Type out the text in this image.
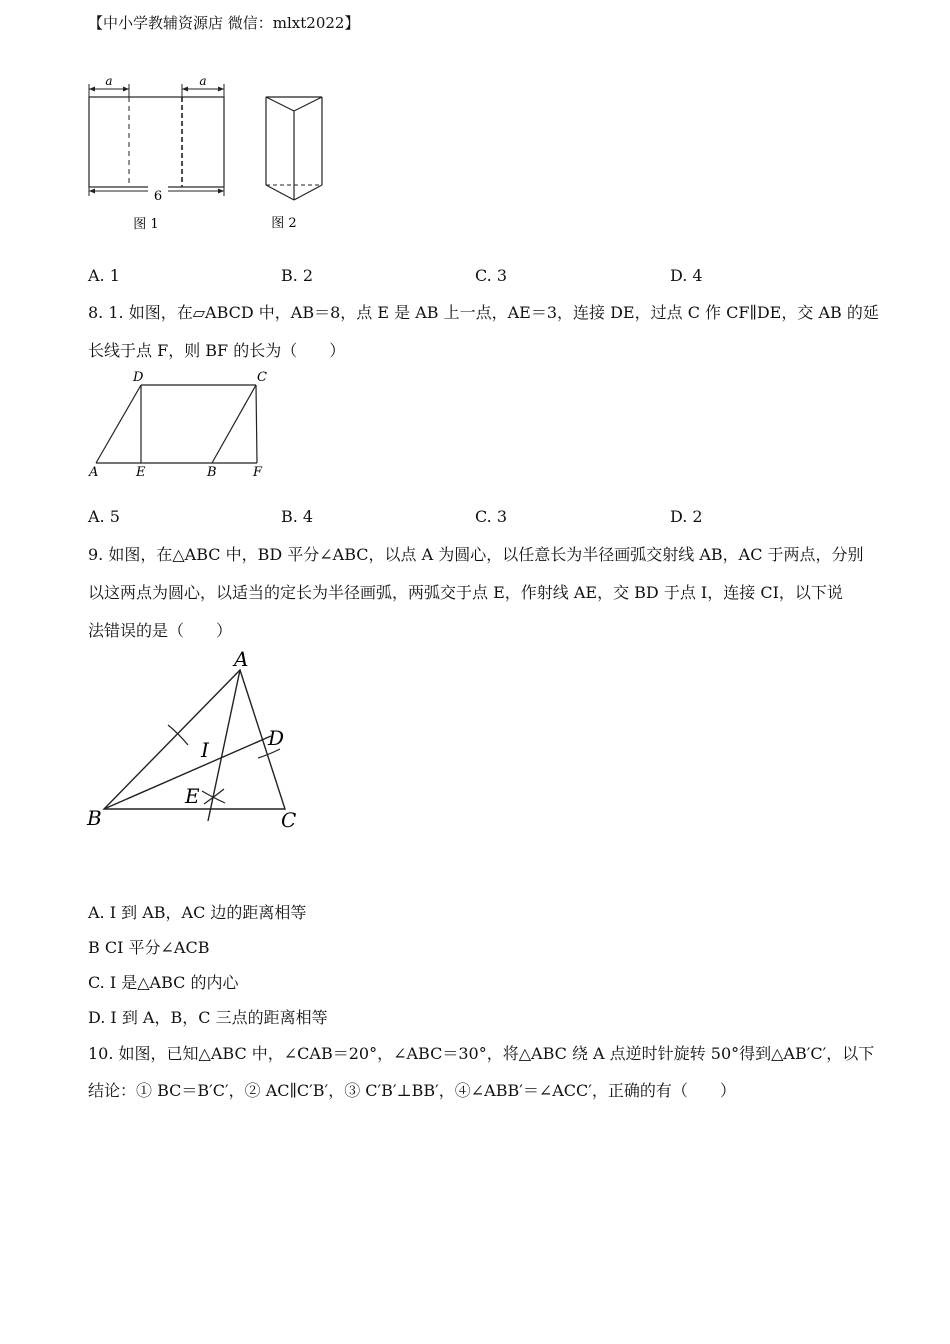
【中小学教辅资源店 微信：mlxt2022】
a	a
6
图 1	图 2
A. 1	B. 2	C. 3	D. 4
8. 1. 如图，在▱ABCD 中，AB＝8，点 E 是 AB 上一点，AE＝3，连接 DE，过点 C 作 CF∥DE，交 AB 的延
长线于点 F，则 BF 的长为（　　）
D	C
A	E	B	F
A. 5	B. 4	C. 3	D. 2
9. 如图，在△ABC 中，BD 平分∠ABC，以点 A 为圆心，以任意长为半径画弧交射线 AB，AC 于两点，分别
以这两点为圆心，以适当的定长为半径画弧，两弧交于点 E，作射线 AE，交 BD 于点 I，连接 CI，以下说
法错误的是（　　）
A
B	C
D
E
I
A. I 到 AB，AC 边的距离相等
B CI 平分∠ACB
C. I 是△ABC 的内心
D. I 到 A，B，C 三点的距离相等
10. 如图，已知△ABC 中，∠CAB＝20°，∠ABC＝30°，将△ABC 绕 A 点逆时针旋转 50°得到△AB′C′，以下
结论：① BC＝B′C′，② AC∥C′B′，③ C′B′⊥BB′，④∠ABB′＝∠ACC′，正确的有（　　）
